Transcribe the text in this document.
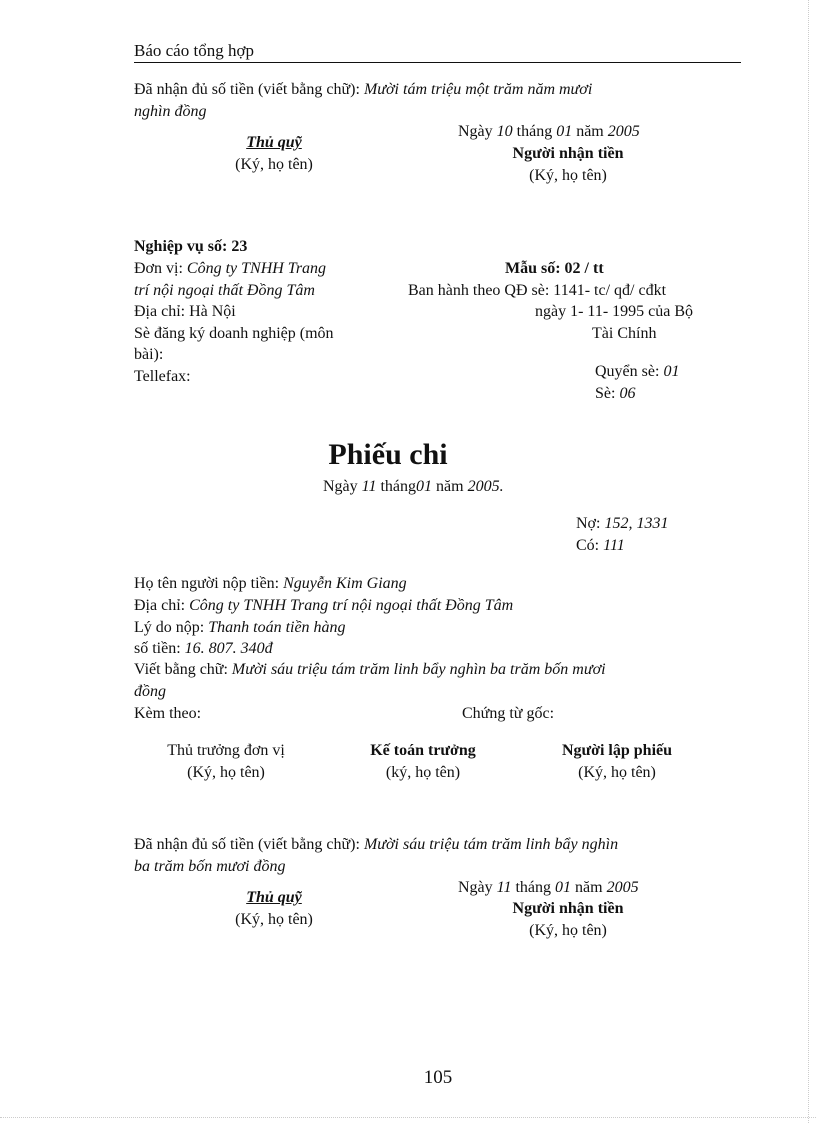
Báo cáo tổng hợp
Đã nhận đủ số tiền (viết bằng chữ): Mười tám triệu một trăm năm mươi
nghìn đồng
Thủ quỹ
(Ký, họ tên)
Ngày 10 tháng 01 năm 2005
Người nhận tiền
(Ký, họ tên)
Nghiệp vụ số: 23
Đơn vị: Công ty TNHH Trang
trí nội ngoại thất Đồng Tâm
Địa chỉ: Hà Nội
Sè đăng ký doanh nghiệp (môn
bài):
Tellefax:
Mẫu số: 02 / tt
Ban hành theo QĐ sè: 1141- tc/ qđ/ cđkt
ngày 1- 11- 1995 của Bộ
Tài Chính
Quyển sè: 01
Sè: 06
Phiếu chi
Ngày 11 tháng01 năm 2005.
Nợ: 152, 1331
Có: 111
Họ tên người nộp tiền: Nguyễn Kim Giang
Địa chỉ: Công ty TNHH Trang trí nội ngoại thất Đồng Tâm
Lý do nộp: Thanh toán tiền hàng
số tiền: 16. 807. 340đ
Viết bằng chữ: Mười sáu triệu tám trăm linh bẩy nghìn ba trăm bốn mươi
đồng
Kèm theo:	Chứng từ gốc:
Thủ trưởng đơn vị
(Ký, họ tên)
Kế toán trưởng
(ký, họ tên)
Người lập phiếu
(Ký, họ tên)
Đã nhận đủ số tiền (viết bằng chữ): Mười sáu triệu tám trăm linh bẩy nghìn
ba trăm bốn mươi đồng
Thủ quỹ
(Ký, họ tên)
Ngày 11 tháng 01 năm 2005
Người nhận tiền
(Ký, họ tên)
105
